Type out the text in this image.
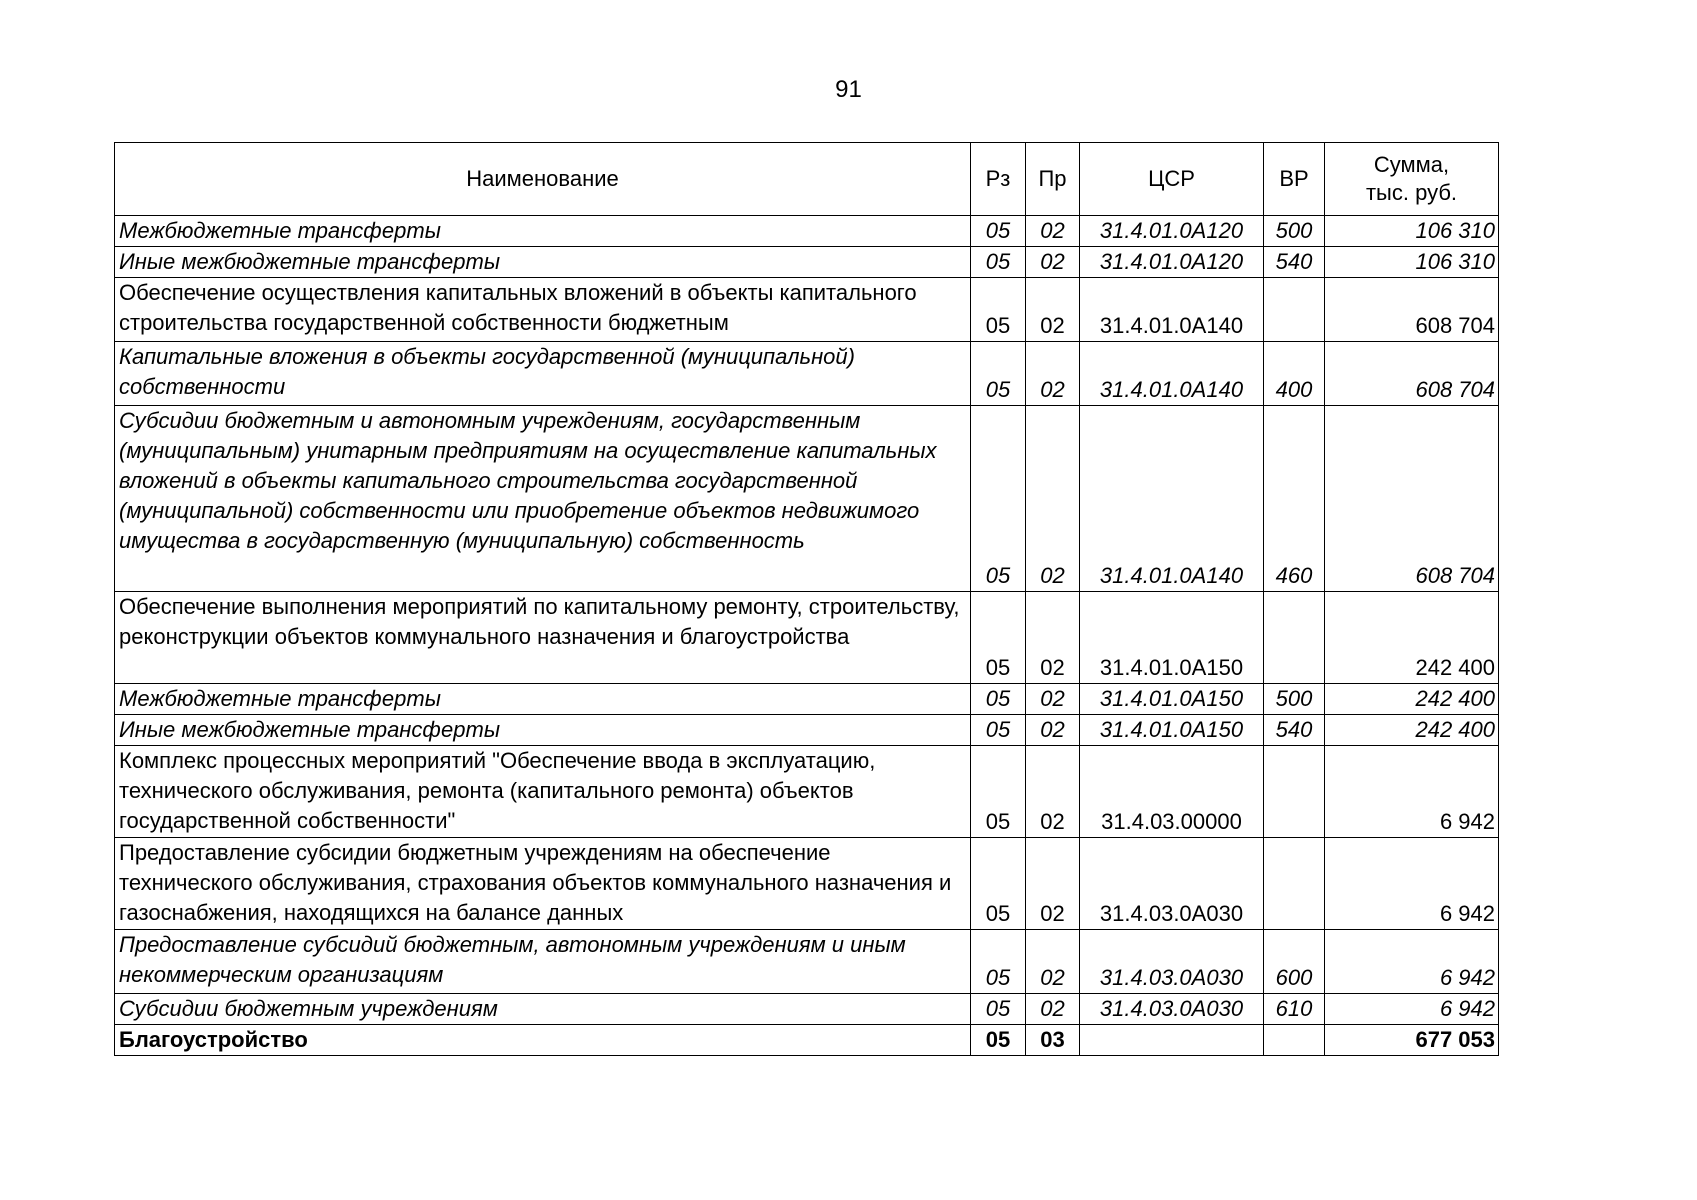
91
Наименование	Рз	Пр	ЦСР	ВР	Сумма,
тыс. руб.
Межбюджетные трансферты	05	02	31.4.01.0А120	500	106 310
Иные межбюджетные трансферты	05	02	31.4.01.0А120	540	106 310
Обеспечение осуществления капитальных вложений в объекты капитального строительства государственной собственности бюджетным	05	02	31.4.01.0А140		608 704
Капитальные вложения в объекты государственной (муниципальной) собственности	05	02	31.4.01.0А140	400	608 704
Субсидии бюджетным и автономным учреждениям, государственным (муниципальным) унитарным предприятиям на осуществление капитальных вложений в объекты капитального строительства государственной (муниципальной) собственности или приобретение объектов недвижимого имущества в государственную (муниципальную) собственность	05	02	31.4.01.0А140	460	608 704
Обеспечение выполнения мероприятий по капитальному ремонту, строительству, реконструкции объектов коммунального назначения и благоустройства	05	02	31.4.01.0А150		242 400
Межбюджетные трансферты	05	02	31.4.01.0А150	500	242 400
Иные межбюджетные трансферты	05	02	31.4.01.0А150	540	242 400
Комплекс процессных мероприятий "Обеспечение ввода в эксплуатацию, технического обслуживания, ремонта (капитального ремонта) объектов государственной собственности"	05	02	31.4.03.00000		6 942
Предоставление субсидии бюджетным учреждениям на обеспечение технического обслуживания, страхования объектов коммунального назначения и газоснабжения, находящихся на балансе данных	05	02	31.4.03.0А030		6 942
Предоставление субсидий бюджетным, автономным учреждениям и иным некоммерческим организациям	05	02	31.4.03.0А030	600	6 942
Субсидии бюджетным учреждениям	05	02	31.4.03.0А030	610	6 942
Благоустройство	05	03			677 053
